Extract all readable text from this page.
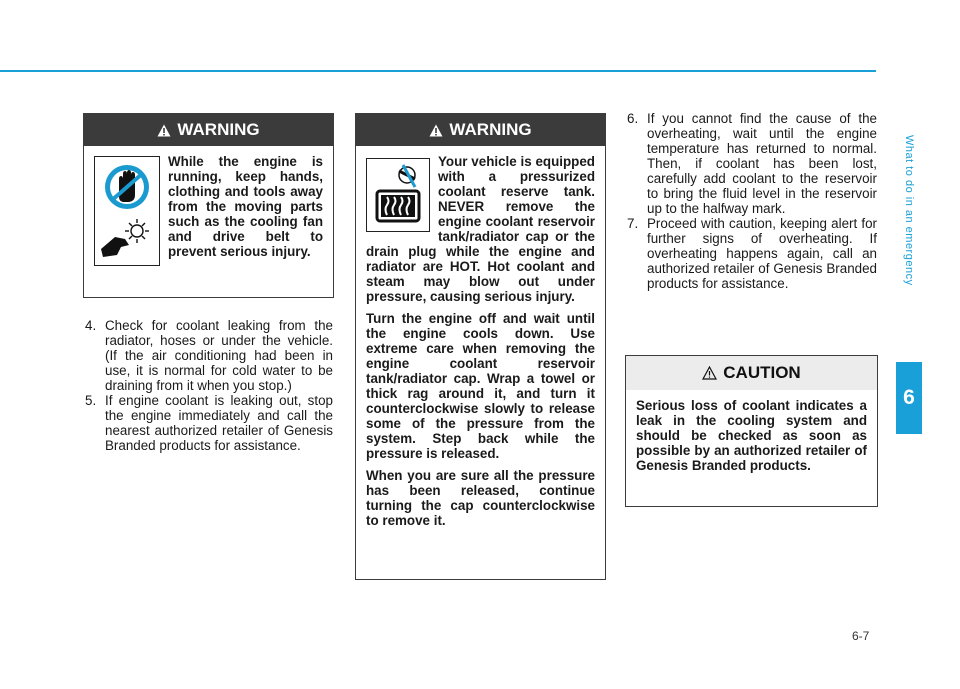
What to do in an emergency
6
WARNING

While the engine is running, keep hands, clothing and tools away from the moving parts such as the cooling fan and drive belt to prevent serious injury.

4. Check for coolant leaking from the radiator, hoses or under the vehicle. (If the air conditioning had been in use, it is normal for cold water to be draining from it when you stop.)
5. If engine coolant is leaking out, stop the engine immediately and call the nearest authorized retailer of Genesis Branded products for assistance.
WARNING

Your vehicle is equipped with a pressurized coolant reserve tank. NEVER remove the engine coolant reservoir tank/radiator cap or the drain plug while the engine and radiator are HOT. Hot coolant and steam may blow out under pressure, causing serious injury.

Turn the engine off and wait until the engine cools down. Use extreme care when removing the engine coolant reservoir tank/radiator cap. Wrap a towel or thick rag around it, and turn it counterclockwise slowly to release some of the pressure from the system. Step back while the pressure is released.

When you are sure all the pressure has been released, continue turning the cap counterclockwise to remove it.

6. If you cannot find the cause of the overheating, wait until the engine temperature has returned to normal. Then, if coolant has been lost, carefully add coolant to the reservoir to bring the fluid level in the reservoir up to the halfway mark.
7. Proceed with caution, keeping alert for further signs of overheating. If overheating happens again, call an authorized retailer of Genesis Branded products for assistance.
CAUTION

Serious loss of coolant indicates a leak in the cooling system and should be checked as soon as possible by an authorized retailer of Genesis Branded products.

6-7
